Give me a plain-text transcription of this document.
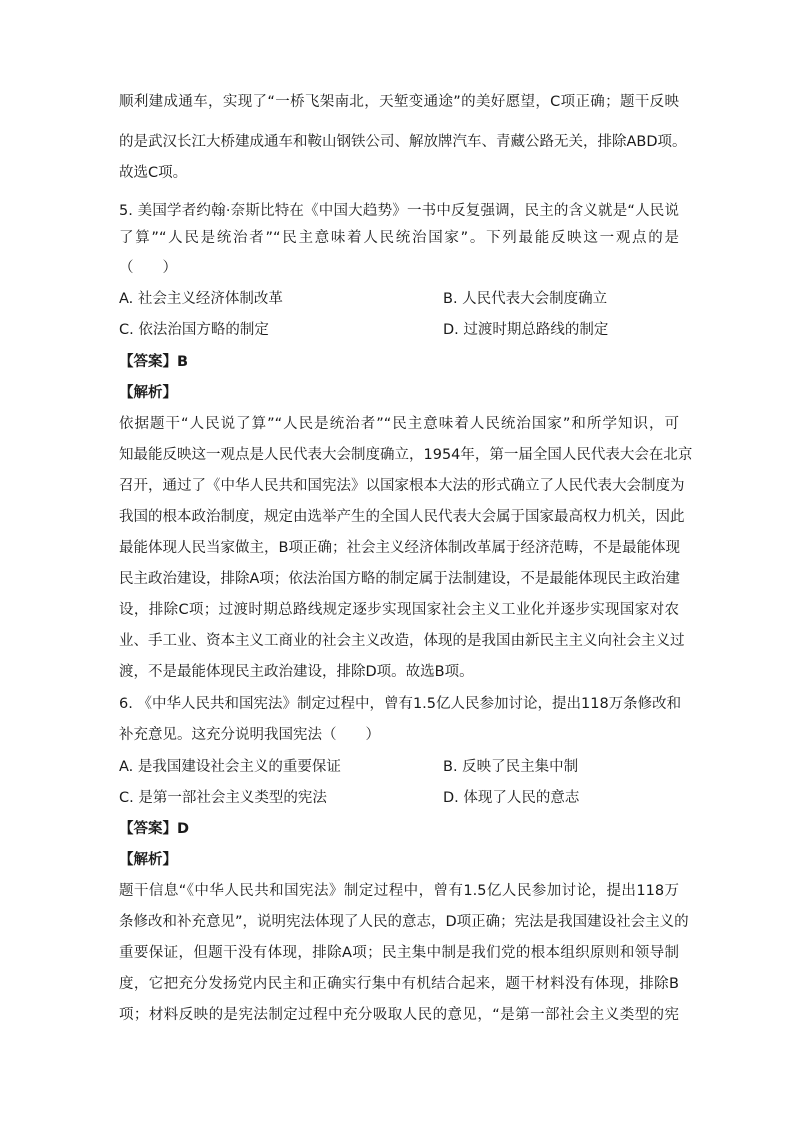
顺利建成通车，实现了“一桥飞架南北，天堑变通途”的美好愿望，C项正确；题干反映
的是武汉长江大桥建成通车和鞍山钢铁公司、解放牌汽车、青藏公路无关，排除ABD项。
故选C项。
5. 美国学者约翰·奈斯比特在《中国大趋势》一书中反复强调，民主的含义就是“人民说
了算”“人民是统治者”“民主意味着人民统治国家”。下列最能反映这一观点的是
（　　）
A. 社会主义经济体制改革	B. 人民代表大会制度确立
C. 依法治国方略的制定	D. 过渡时期总路线的制定
【答案】B
【解析】
依据题干“人民说了算”“人民是统治者”“民主意味着人民统治国家”和所学知识，可
知最能反映这一观点是人民代表大会制度确立，1954年，第一届全国人民代表大会在北京
召开，通过了《中华人民共和国宪法》以国家根本大法的形式确立了人民代表大会制度为
我国的根本政治制度，规定由选举产生的全国人民代表大会属于国家最高权力机关，因此
最能体现人民当家做主，B项正确；社会主义经济体制改革属于经济范畴，不是最能体现
民主政治建设，排除A项；依法治国方略的制定属于法制建设，不是最能体现民主政治建
设，排除C项；过渡时期总路线规定逐步实现国家社会主义工业化并逐步实现国家对农
业、手工业、资本主义工商业的社会主义改造，体现的是我国由新民主主义向社会主义过
渡，不是最能体现民主政治建设，排除D项。故选B项。
6. 《中华人民共和国宪法》制定过程中，曾有1.5亿人民参加讨论，提出118万条修改和
补充意见。这充分说明我国宪法（　　）
A. 是我国建设社会主义的重要保证	B. 反映了民主集中制
C. 是第一部社会主义类型的宪法	D. 体现了人民的意志
【答案】D
【解析】
题干信息“《中华人民共和国宪法》制定过程中，曾有1.5亿人民参加讨论，提出118万
条修改和补充意见”，说明宪法体现了人民的意志，D项正确；宪法是我国建设社会主义的
重要保证，但题干没有体现，排除A项；民主集中制是我们党的根本组织原则和领导制
度，它把充分发扬党内民主和正确实行集中有机结合起来，题干材料没有体现，排除B
项；材料反映的是宪法制定过程中充分吸取人民的意见，“是第一部社会主义类型的宪
